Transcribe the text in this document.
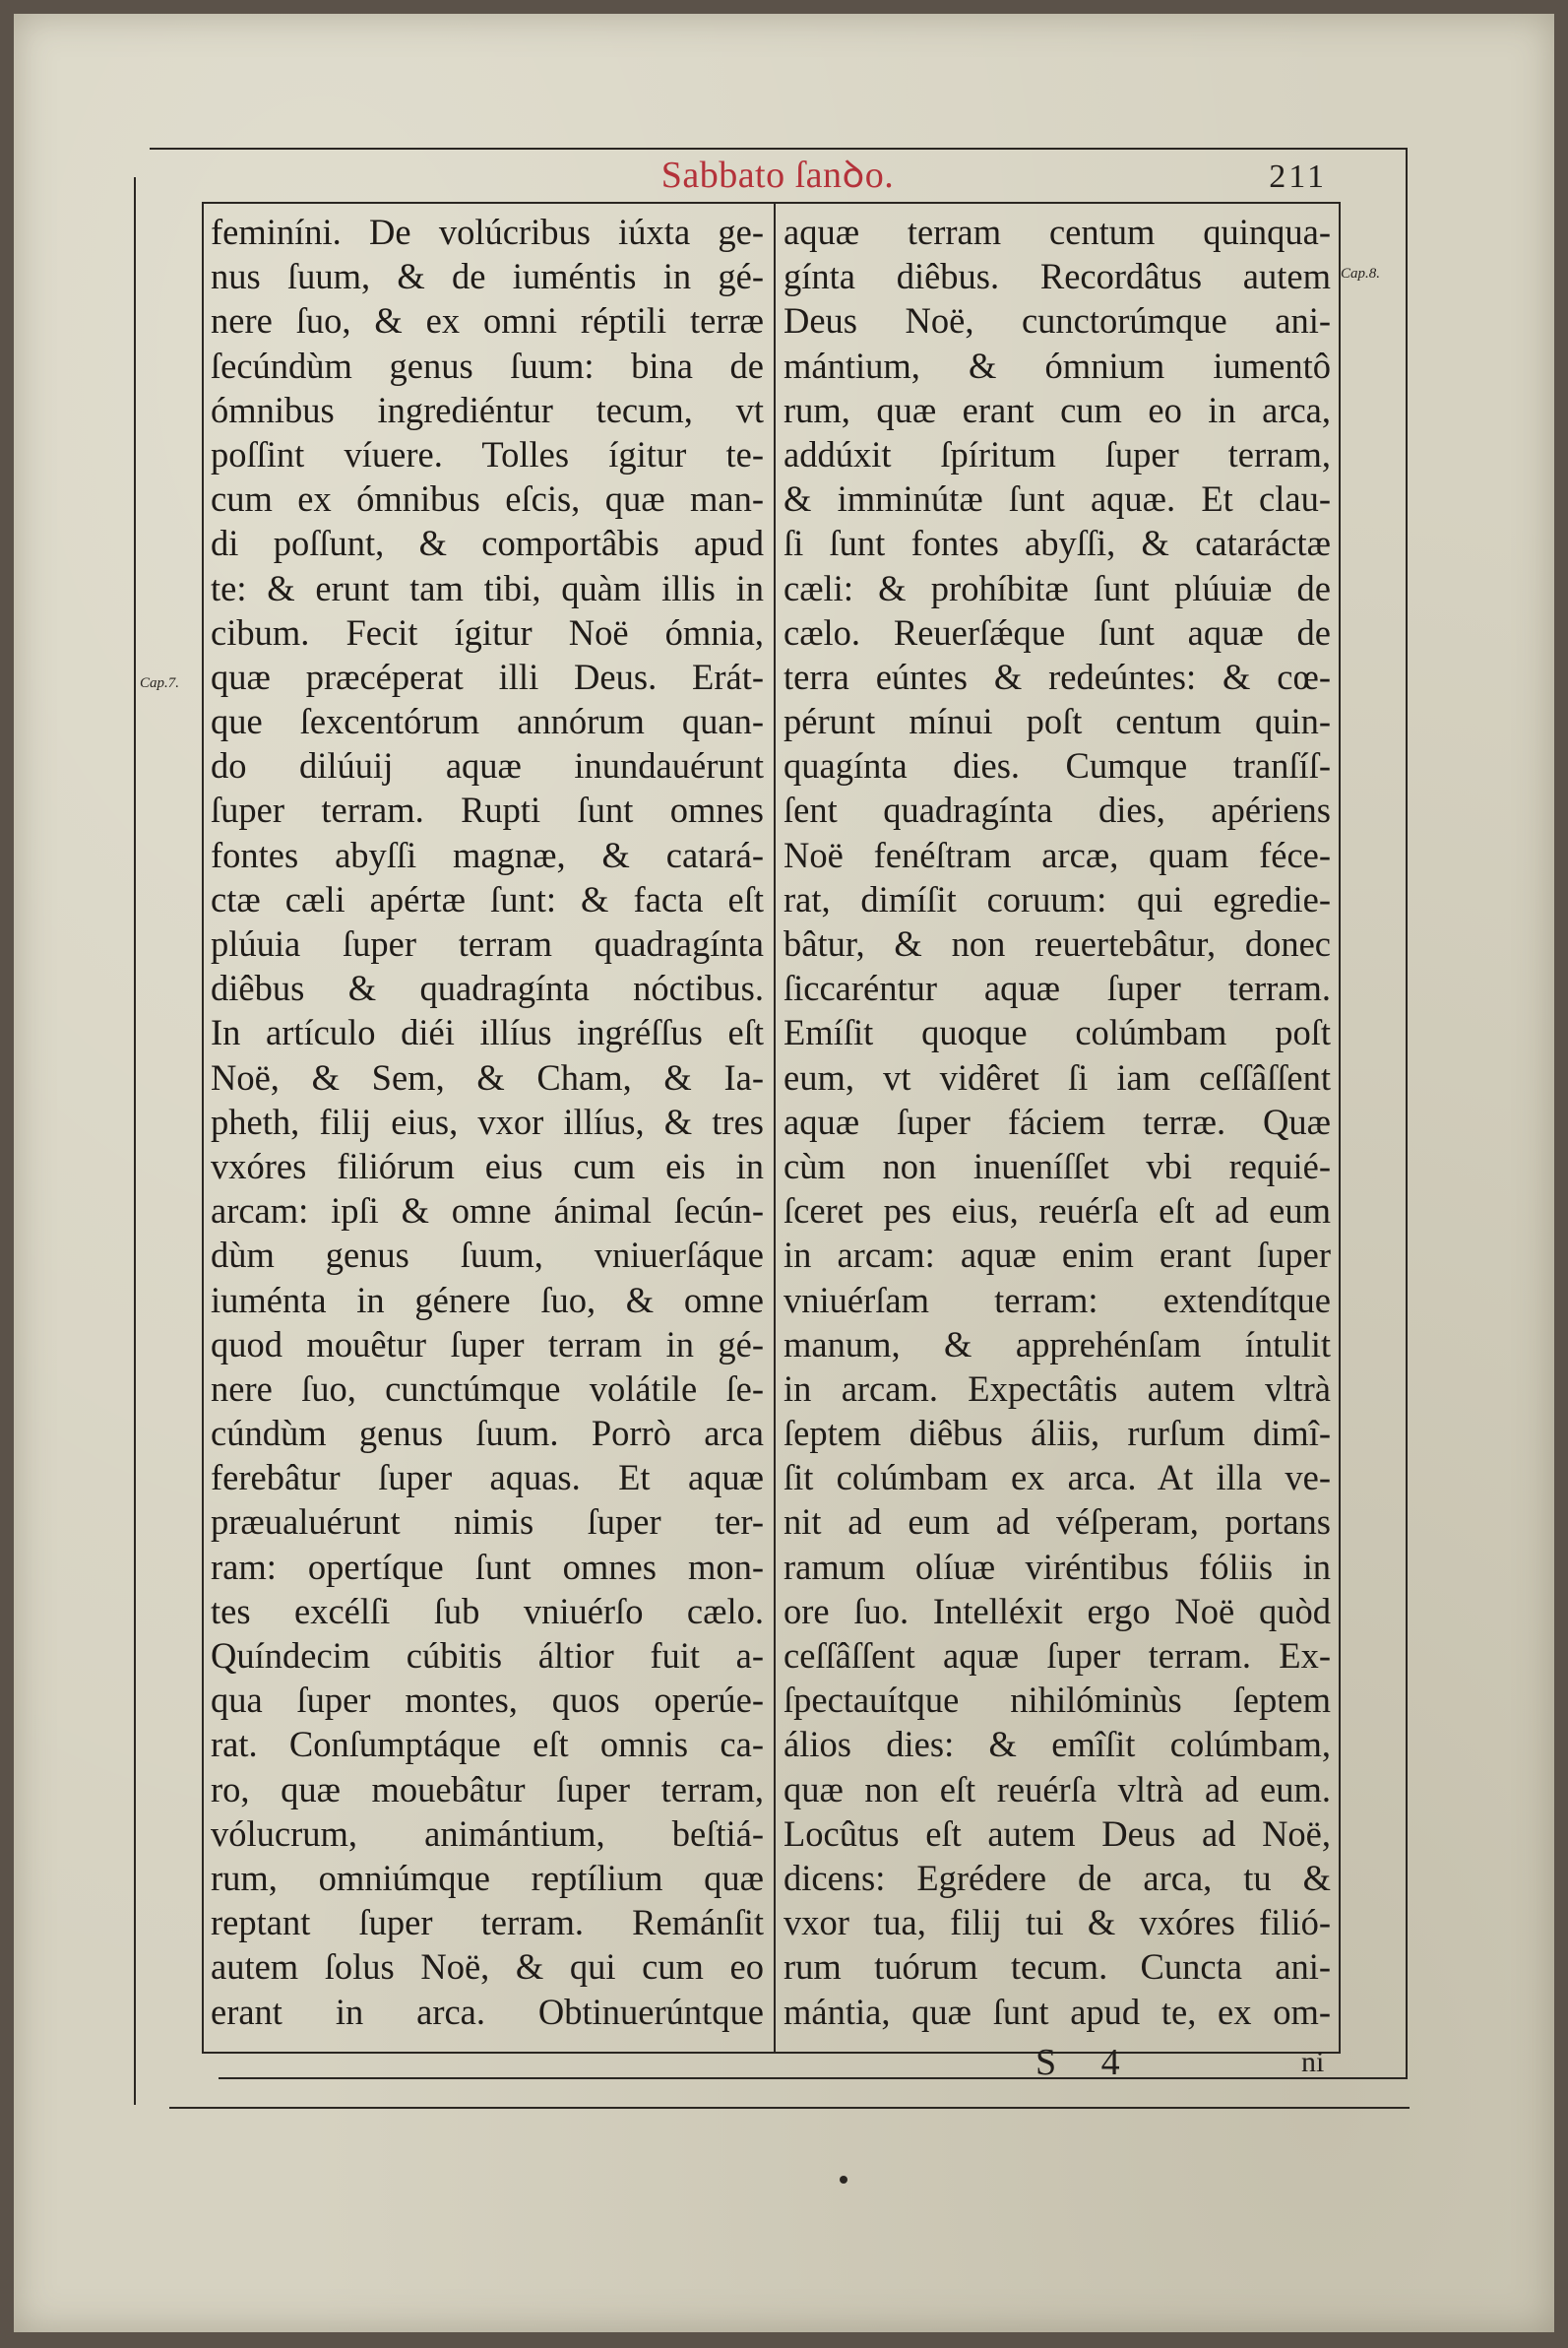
Sabbato ſanꝺo.	211
Cap.7.
Cap.8.
feminíni. De volúcribus iúxta ge-
nus ſuum, & de iuméntis in gé-
nere ſuo, & ex omni réptili terræ
ſecúndùm genus ſuum: bina de
ómnibus ingrediéntur tecum, vt
poſſint víuere. Tolles ígitur te-
cum ex ómnibus eſcis, quæ man-
di poſſunt, & comportâbis apud
te: & erunt tam tibi, quàm illis in
cibum. Fecit ígitur Noë ómnia,
quæ præcéperat illi Deus. Erát-
que ſexcentórum annórum quan-
do dilúuij aquæ inundauérunt
ſuper terram. Rupti ſunt omnes
fontes abyſſi magnæ, & catará-
ctæ cæli apértæ ſunt: & facta eſt
plúuia ſuper terram quadragínta
diêbus & quadragínta nóctibus.
In artículo diéi illíus ingréſſus eſt
Noë, & Sem, & Cham, & Ia-
pheth, filij eius, vxor illíus, & tres
vxóres filiórum eius cum eis in
arcam: ipſi & omne ánimal ſecún-
dùm genus ſuum, vniuerſáque
iuménta in génere ſuo, & omne
quod mouêtur ſuper terram in gé-
nere ſuo, cunctúmque volátile ſe-
cúndùm genus ſuum. Porrò arca
ferebâtur ſuper aquas. Et aquæ
præualuérunt nimis ſuper ter-
ram: opertíque ſunt omnes mon-
tes excélſi ſub vniuérſo cælo.
Quíndecim cúbitis áltior fuit a-
qua ſuper montes, quos operúe-
rat. Conſumptáque eſt omnis ca-
ro, quæ mouebâtur ſuper terram,
vólucrum, animántium, beſtiá-
rum, omniúmque reptílium quæ
reptant ſuper terram. Remánſit
autem ſolus Noë, & qui cum eo
erant in arca. Obtinuerúntque
aquæ terram centum quinqua-
gínta diêbus. Recordâtus autem
Deus Noë, cunctorúmque ani-
mántium, & ómnium iumentô
rum, quæ erant cum eo in arca,
addúxit ſpíritum ſuper terram,
& imminútæ ſunt aquæ. Et clau-
ſi ſunt fontes abyſſi, & cataráctæ
cæli: & prohíbitæ ſunt plúuiæ de
cælo. Reuerſǽque ſunt aquæ de
terra eúntes & redeúntes: & cœ-
pérunt mínui poſt centum quin-
quagínta dies. Cumque tranſíſ-
ſent quadragínta dies, apériens
Noë fenéſtram arcæ, quam féce-
rat, dimíſit coruum: qui egredie-
bâtur, & non reuertebâtur, donec
ſiccaréntur aquæ ſuper terram.
Emíſit quoque colúmbam poſt
eum, vt vidêret ſi iam ceſſâſſent
aquæ ſuper fáciem terræ. Quæ
cùm non inueníſſet vbi requié-
ſceret pes eius, reuérſa eſt ad eum
in arcam: aquæ enim erant ſuper
vniuérſam terram: extendítque
manum, & apprehénſam íntulit
in arcam. Expectâtis autem vltrà
ſeptem diêbus áliis, rurſum dimî-
ſit colúmbam ex arca. At illa ve-
nit ad eum ad véſperam, portans
ramum olíuæ viréntibus fóliis in
ore ſuo. Intelléxit ergo Noë quòd
ceſſâſſent aquæ ſuper terram. Ex-
ſpectauítque nihilóminùs ſeptem
álios dies: & emîſit colúmbam,
quæ non eſt reuérſa vltrà ad eum.
Locûtus eſt autem Deus ad Noë,
dicens: Egrédere de arca, tu &
vxor tua, filij tui & vxóres filió-
rum tuórum tecum. Cuncta ani-
mántia, quæ ſunt apud te, ex om-
S 4	ni
